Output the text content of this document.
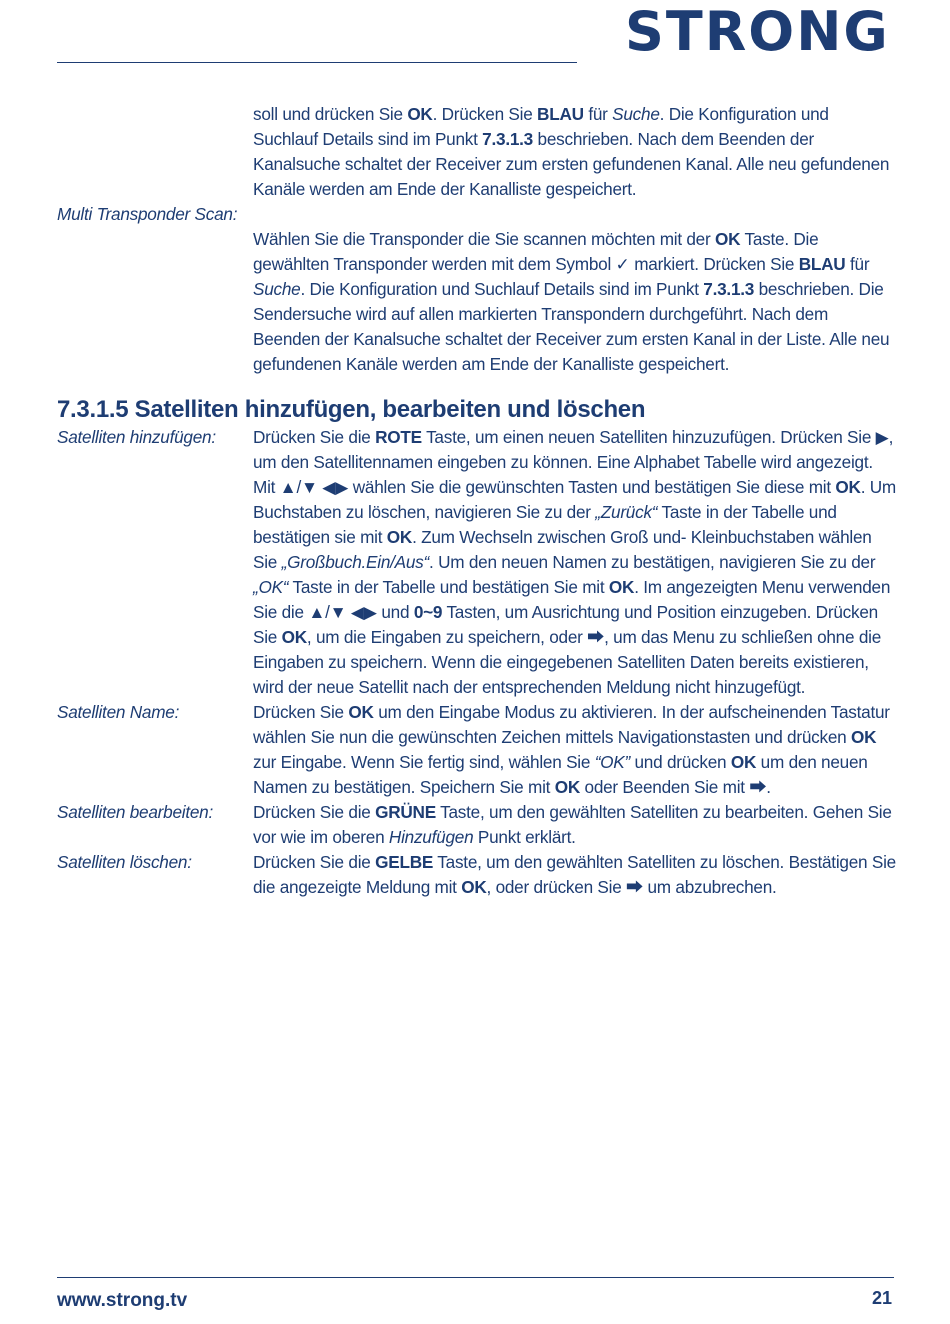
STRONG
soll und drücken Sie OK. Drücken Sie BLAU für Suche. Die Konfiguration und Suchlauf Details sind im Punkt 7.3.1.3 beschrieben. Nach dem Beenden der Kanalsuche schaltet der Receiver zum ersten gefundenen Kanal. Alle neu gefundenen Kanäle werden am Ende der Kanalliste gespeichert.
Multi Transponder Scan:
Wählen Sie die Transponder die Sie scannen möchten mit der OK Taste. Die gewählten Transponder werden mit dem Symbol ✓ markiert. Drücken Sie BLAU für Suche. Die Konfiguration und Suchlauf Details sind im Punkt 7.3.1.3 beschrieben. Die Sendersuche wird auf allen markierten Transpondern durchgeführt. Nach dem Beenden der Kanalsuche schaltet der Receiver zum ersten Kanal in der Liste. Alle neu gefundenen Kanäle werden am Ende der Kanalliste gespeichert.
7.3.1.5 Satelliten hinzufügen, bearbeiten und löschen
Satelliten hinzufügen: Drücken Sie die ROTE Taste, um einen neuen Satelliten hinzuzufügen. Drücken Sie ▶, um den Satellitennamen eingeben zu können. Eine Alphabet Tabelle wird angezeigt. Mit ▲/▼ ◀▶ wählen Sie die gewünschten Tasten und bestätigen Sie diese mit OK. Um Buchstaben zu löschen, navigieren Sie zu der „Zurück“ Taste in der Tabelle und bestätigen sie mit OK. Zum Wechseln zwischen Groß und- Kleinbuchstaben wählen Sie „Großbuch.Ein/Aus“. Um den neuen Namen zu bestätigen, navigieren Sie zu der „OK“ Taste in der Tabelle und bestätigen Sie mit OK. Im angezeigten Menu verwenden Sie die ▲/▼ ◀▶ und 0~9 Tasten, um Ausrichtung und Position einzugeben. Drücken Sie OK, um die Eingaben zu speichern, oder ⮕, um das Menu zu schließen ohne die Eingaben zu speichern. Wenn die eingegebenen Satelliten Daten bereits existieren, wird der neue Satellit nach der entsprechenden Meldung nicht hinzugefügt.
Satelliten Name:	Drücken Sie OK um den Eingabe Modus zu aktivieren. In der aufscheinenden Tastatur wählen Sie nun die gewünschten Zeichen mittels Navigationstasten und drücken OK zur Eingabe. Wenn Sie fertig sind, wählen Sie “OK” und drücken OK um den neuen Namen zu bestätigen. Speichern Sie mit OK oder Beenden Sie mit ⮕.
Satelliten bearbeiten: Drücken Sie die GRÜNE Taste, um den gewählten Satelliten zu bearbeiten. Gehen Sie vor wie im oberen Hinzufügen Punkt erklärt.
Satelliten löschen:	Drücken Sie die GELBE Taste, um den gewählten Satelliten zu löschen. Bestätigen Sie die angezeigte Meldung mit OK, oder drücken Sie ⮕ um abzubrechen.
www.strong.tv	21
